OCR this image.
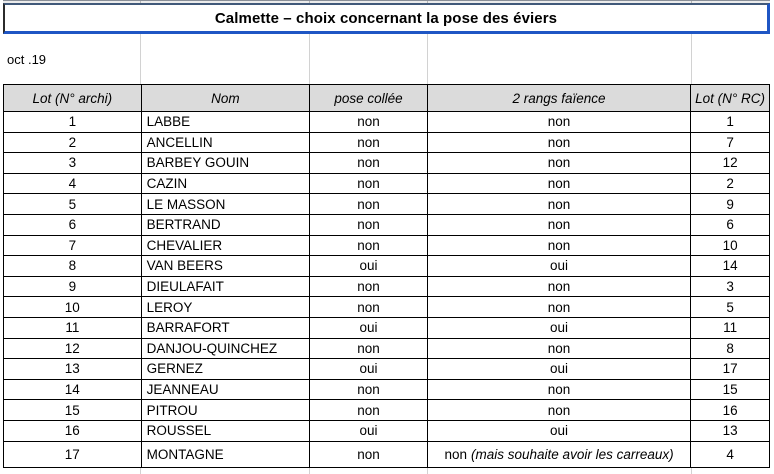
Calmette – choix concernant la pose des éviers
oct .19
Lot (N° archi)	Nom	pose collée	2 rangs faïence	Lot (N° RC)
1	LABBE	non	non	1
2	ANCELLIN	non	non	7
3	BARBEY GOUIN	non	non	12
4	CAZIN	non	non	2
5	LE MASSON	non	non	9
6	BERTRAND	non	non	6
7	CHEVALIER	non	non	10
8	VAN BEERS	oui	oui	14
9	DIEULAFAIT	non	non	3
10	LEROY	non	non	5
11	BARRAFORT	oui	oui	11
12	DANJOU-QUINCHEZ	non	non	8
13	GERNEZ	oui	oui	17
14	JEANNEAU	non	non	15
15	PITROU	non	non	16
16	ROUSSEL	oui	oui	13
17	MONTAGNE	non	non (mais souhaite avoir les carreaux)	4
